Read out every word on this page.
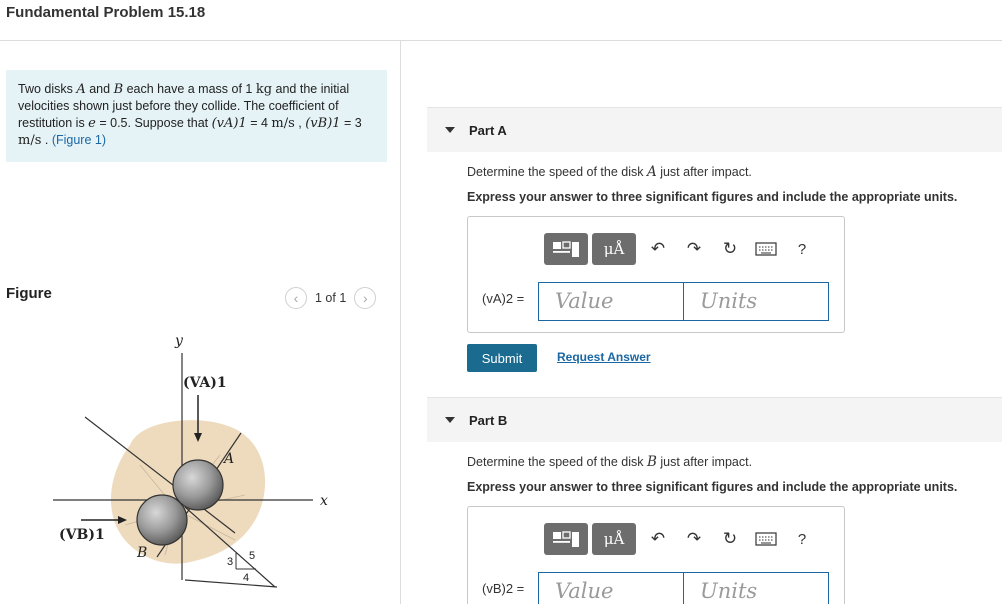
Fundamental Problem 15.18
Two disks A and B each have a mass of 1 kg and the initial velocities shown just before they collide. The coefficient of restitution is e = 0.5. Suppose that (vA)1 = 4 m/s , (vB)1 = 3 m/s . (Figure 1)
Figure	‹	1 of 1	›
y
x
(VA)1
(VB)1
A
B
3 5
4
Part A
Determine the speed of the disk A just after impact.
Express your answer to three significant figures and include the appropriate units.
μÅ	↶	↷	↻	?
(vA)2 =	Value	Units
Submit	Request Answer
Part B
Determine the speed of the disk B just after impact.
Express your answer to three significant figures and include the appropriate units.
μÅ	↶	↷	↻	?
(vB)2 =	Value	Units
